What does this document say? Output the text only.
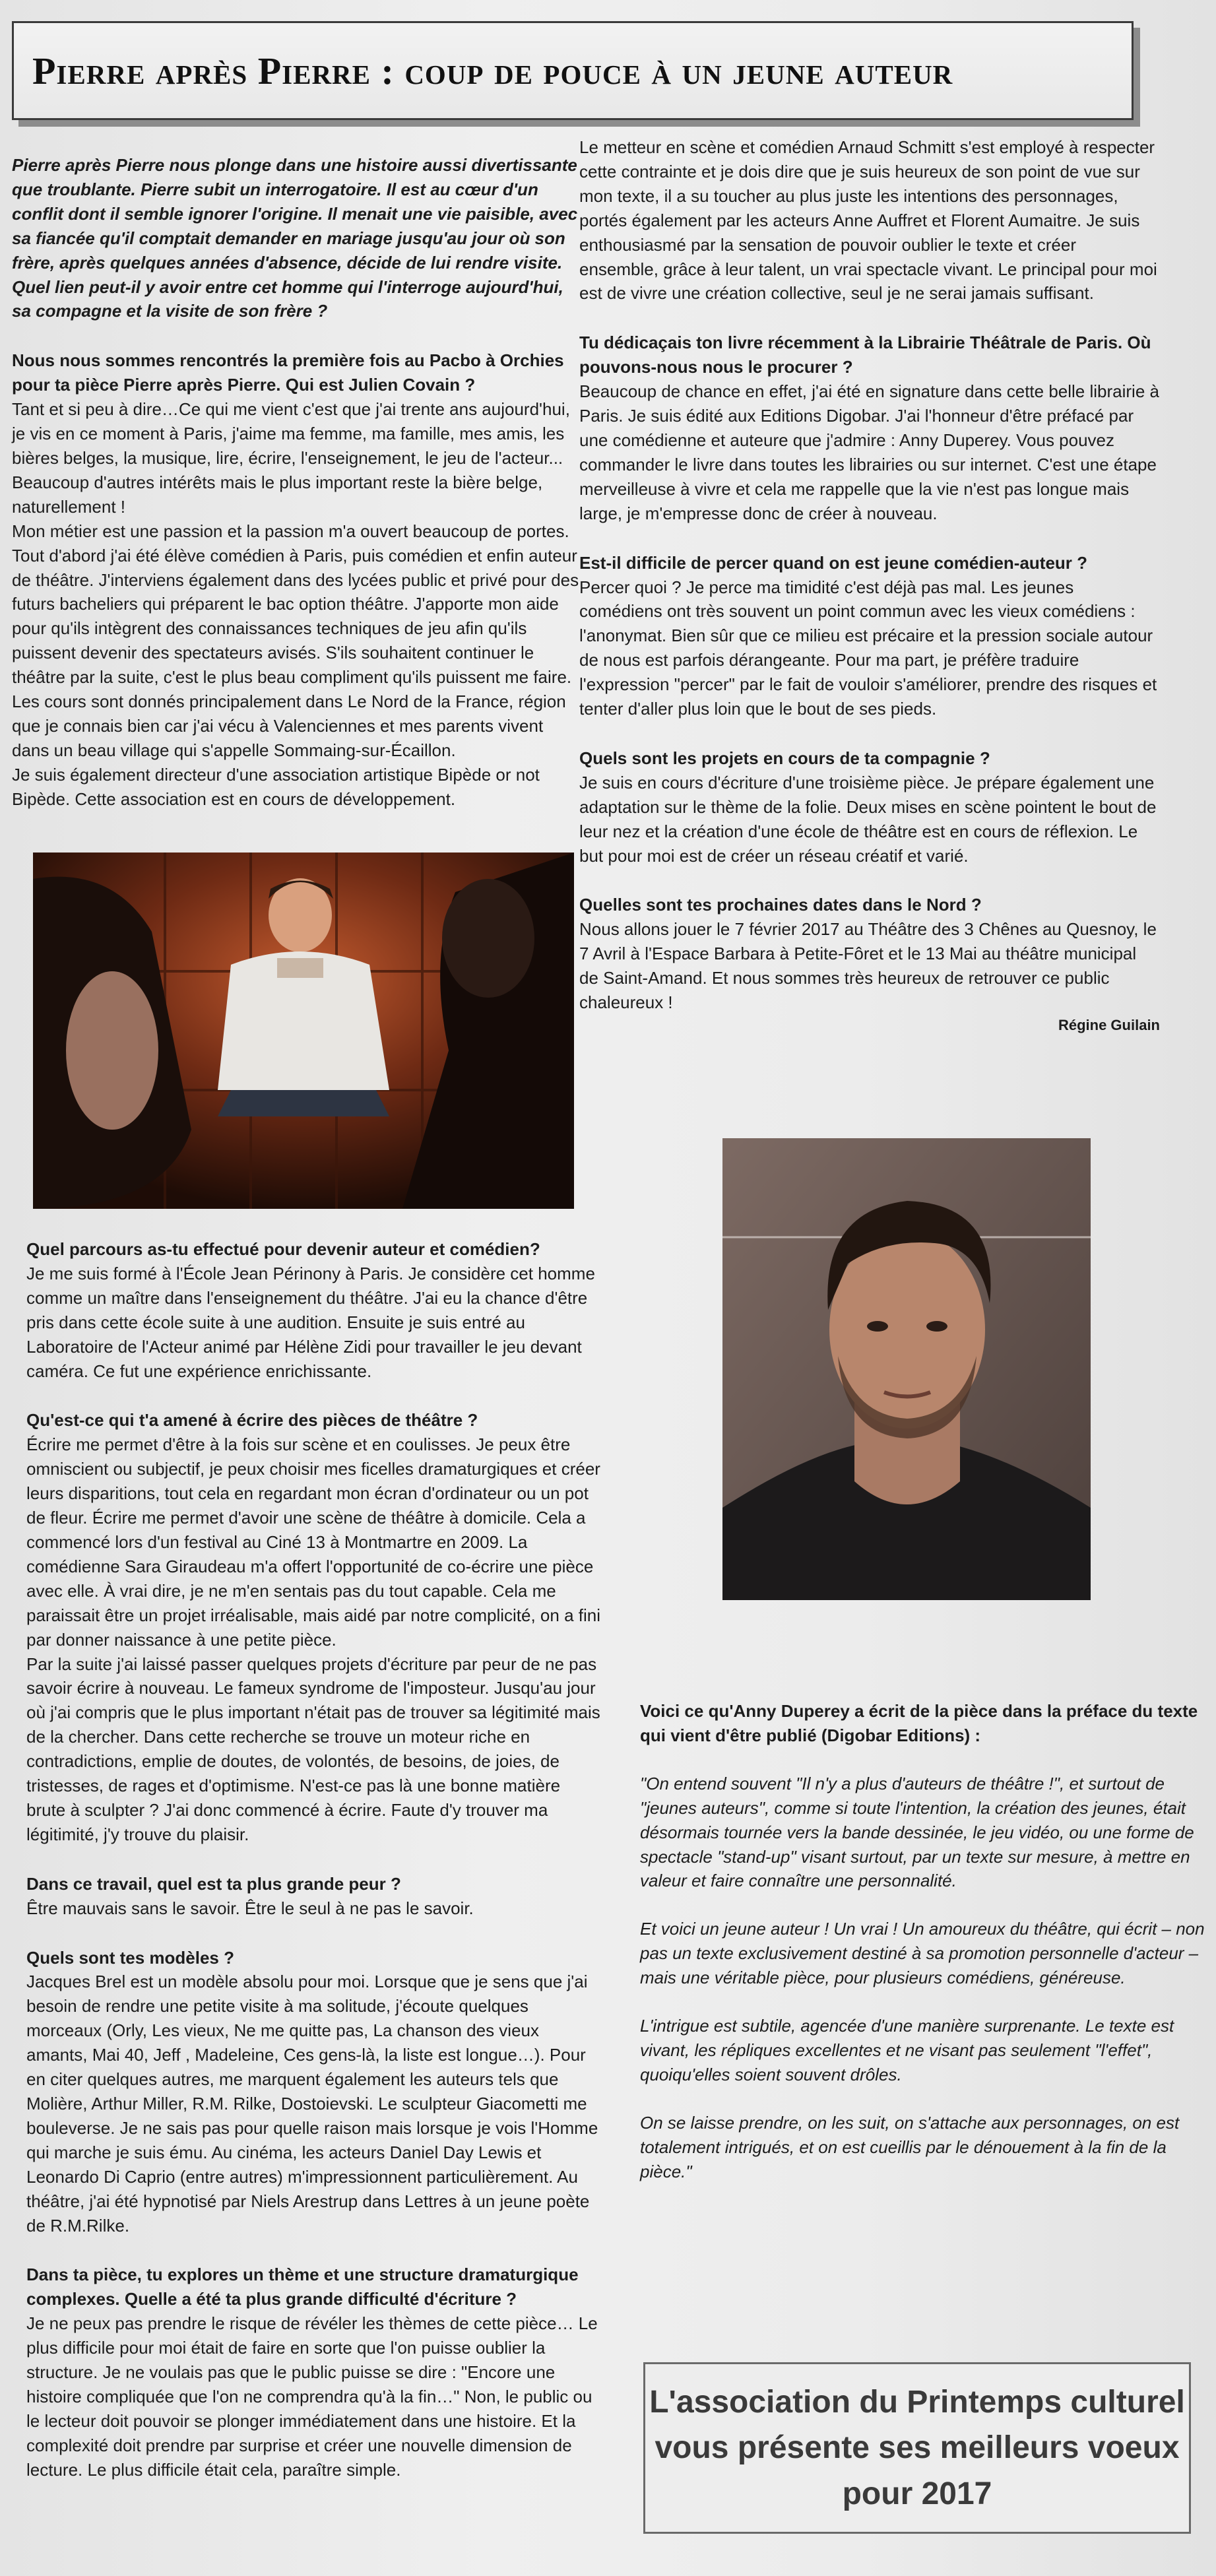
Pierre après Pierre : coup de pouce à un jeune auteur

Pierre après Pierre nous plonge dans une histoire aussi divertissante que troublante. Pierre subit un interrogatoire. Il est au cœur d'un conflit dont il semble ignorer l'origine. Il menait une vie paisible, avec sa fiancée qu'il comptait demander en mariage jusqu'au jour où son frère, après quelques années d'absence, décide de lui rendre visite. Quel lien peut-il y avoir entre cet homme qui l'interroge aujourd'hui, sa compagne et la visite de son frère ?

Nous nous sommes rencontrés la première fois au Pacbo à Orchies pour ta pièce Pierre après Pierre. Qui est Julien Covain ?

Tant et si peu à dire…Ce qui me vient c'est que j'ai trente ans aujourd'hui, je vis en ce moment à Paris, j'aime ma femme, ma famille, mes amis, les bières belges, la musique, lire, écrire, l'enseignement, le jeu de l'acteur... Beaucoup d'autres intérêts mais le plus important reste la bière belge, naturellement !

Mon métier est une passion et la passion m'a ouvert beaucoup de portes. Tout d'abord j'ai été élève comédien à Paris, puis comédien et enfin auteur de théâtre. J'interviens également dans des lycées public et privé pour des futurs bacheliers qui préparent le bac option théâtre. J'apporte mon aide pour qu'ils intègrent des connaissances techniques de jeu afin qu'ils puissent devenir des spectateurs avisés. S'ils souhaitent continuer le théâtre par la suite, c'est le plus beau compliment qu'ils puissent me faire. Les cours sont donnés principalement dans Le Nord de la France, région que je connais bien car j'ai vécu à Valenciennes et mes parents vivent dans un beau village qui s'appelle Sommaing-sur-Écaillon.

Je suis également directeur d'une association artistique Bipède or not Bipède. Cette association est en cours de développement.

Le metteur en scène et comédien Arnaud Schmitt s'est employé à respecter cette contrainte et je dois dire que je suis heureux de son point de vue sur mon texte, il a su toucher au plus juste les intentions des personnages, portés également par les acteurs Anne Auffret et Florent Aumaitre. Je suis enthousiasmé par la sensation de pouvoir oublier le texte et créer ensemble, grâce à leur talent, un vrai spectacle vivant. Le principal pour moi est de vivre une création collective, seul je ne serai jamais suffisant.

Tu dédicaçais ton livre récemment à la Librairie Théâtrale de Paris. Où pouvons-nous nous le procurer ?

Beaucoup de chance en effet, j'ai été en signature dans cette belle librairie à Paris. Je suis édité aux Editions Digobar. J'ai l'honneur d'être préfacé par une comédienne et auteure que j'admire : Anny Duperey. Vous pouvez commander le livre dans toutes les librairies ou sur internet. C'est une étape merveilleuse à vivre et cela me rappelle que la vie n'est pas longue mais large, je m'empresse donc de créer à nouveau.

Est-il difficile de percer quand on est jeune comédien-auteur ?

Percer quoi ? Je perce ma timidité c'est déjà pas mal. Les jeunes comédiens ont très souvent un point commun avec les vieux comédiens : l'anonymat. Bien sûr que ce milieu est précaire et la pression sociale autour de nous est parfois dérangeante. Pour ma part, je préfère traduire l'expression "percer" par le fait de vouloir s'améliorer, prendre des risques et tenter d'aller plus loin que le bout de ses pieds.

Quels sont les projets en cours de ta compagnie ?

Je suis en cours d'écriture d'une troisième pièce. Je prépare également une adaptation sur le thème de la folie. Deux mises en scène pointent le bout de leur nez et la création d'une école de théâtre est en cours de réflexion. Le but pour moi est de créer un réseau créatif et varié.

Quelles sont tes prochaines dates dans le Nord ?

Nous allons jouer le 7 février 2017 au Théâtre des 3 Chênes au Quesnoy, le 7 Avril à l'Espace Barbara à Petite-Fôret et le 13 Mai au théâtre municipal de Saint-Amand. Et nous sommes très heureux de retrouver ce public chaleureux !

Régine Guilain

Quel parcours as-tu effectué pour devenir auteur et comédien?

Je me suis formé à l'École Jean Périnony à Paris. Je considère cet homme comme un maître dans l'enseignement du théâtre. J'ai eu la chance d'être pris dans cette école suite à une audition. Ensuite je suis entré au Laboratoire de l'Acteur animé par Hélène Zidi pour travailler le jeu devant caméra. Ce fut une expérience enrichissante.

Qu'est-ce qui t'a amené à écrire des pièces de théâtre ?

Écrire me permet d'être à la fois sur scène et en coulisses. Je peux être omniscient ou subjectif, je peux choisir mes ficelles dramaturgiques et créer leurs disparitions, tout cela en regardant mon écran d'ordinateur ou un pot de fleur. Écrire me permet d'avoir une scène de théâtre à domicile. Cela a commencé lors d'un festival au Ciné 13 à Montmartre en 2009. La comédienne Sara Giraudeau m'a offert l'opportunité de co-écrire une pièce avec elle. À vrai dire, je ne m'en sentais pas du tout capable. Cela me paraissait être un projet irréalisable, mais aidé par notre complicité, on a fini par donner naissance à une petite pièce.

Par la suite j'ai laissé passer quelques projets d'écriture par peur de ne pas savoir écrire à nouveau. Le fameux syndrome de l'imposteur. Jusqu'au jour où j'ai compris que le plus important n'était pas de trouver sa légitimité mais de la chercher. Dans cette recherche se trouve un moteur riche en contradictions, emplie de doutes, de volontés, de besoins, de joies, de tristesses, de rages et d'optimisme. N'est-ce pas là une bonne matière brute à sculpter ? J'ai donc commencé à écrire. Faute d'y trouver ma légitimité, j'y trouve du plaisir.

Dans ce travail, quel est ta plus grande peur ?

Être mauvais sans le savoir. Être le seul à ne pas le savoir.

Quels sont tes modèles ?

Jacques Brel est un modèle absolu pour moi. Lorsque que je sens que j'ai besoin de rendre une petite visite à ma solitude, j'écoute quelques morceaux (Orly, Les vieux, Ne me quitte pas, La chanson des vieux amants, Mai 40, Jeff , Madeleine, Ces gens-là, la liste est longue…). Pour en citer quelques autres, me marquent également les auteurs tels que Molière, Arthur Miller, R.M. Rilke, Dostoievski. Le sculpteur Giacometti me bouleverse. Je ne sais pas pour quelle raison mais lorsque je vois l'Homme qui marche je suis ému. Au cinéma, les acteurs Daniel Day Lewis et Leonardo Di Caprio (entre autres) m'impressionnent particulièrement. Au théâtre, j'ai été hypnotisé par Niels Arestrup dans Lettres à un jeune poète de R.M.Rilke.

Dans ta pièce, tu explores un thème et une structure dramaturgique complexes. Quelle a été ta plus grande difficulté d'écriture ?

Je ne peux pas prendre le risque de révéler les thèmes de cette pièce… Le plus difficile pour moi était de faire en sorte que l'on puisse oublier la structure. Je ne voulais pas que le public puisse se dire : "Encore une histoire compliquée que l'on ne comprendra qu'à la fin…" Non, le public ou le lecteur doit pouvoir se plonger immédiatement dans une histoire. Et la complexité doit prendre par surprise et créer une nouvelle dimension de lecture. Le plus difficile était cela, paraître simple.

Voici ce qu'Anny Duperey a écrit de la pièce dans la préface du texte qui vient d'être publié (Digobar Editions) :

"On entend souvent "Il n'y a plus d'auteurs de théâtre !", et surtout de "jeunes auteurs", comme si toute l'intention, la création des jeunes, était désormais tournée vers la bande dessinée, le jeu vidéo, ou une forme de spectacle "stand-up" visant surtout, par un texte sur mesure, à mettre en valeur et faire connaître une personnalité.

Et voici un jeune auteur ! Un vrai ! Un amoureux du théâtre, qui écrit – non pas un texte exclusivement destiné à sa promotion personnelle d'acteur – mais une véritable pièce, pour plusieurs comédiens, généreuse.

L'intrigue est subtile, agencée d'une manière surprenante. Le texte est vivant, les répliques excellentes et ne visant pas seulement "l'effet", quoiqu'elles soient souvent drôles.

On se laisse prendre, on les suit, on s'attache aux personnages, on est totalement intrigués, et on est cueillis par le dénouement à la fin de la pièce."

L'association du Printemps culturel
vous présente ses meilleurs voeux
pour 2017
